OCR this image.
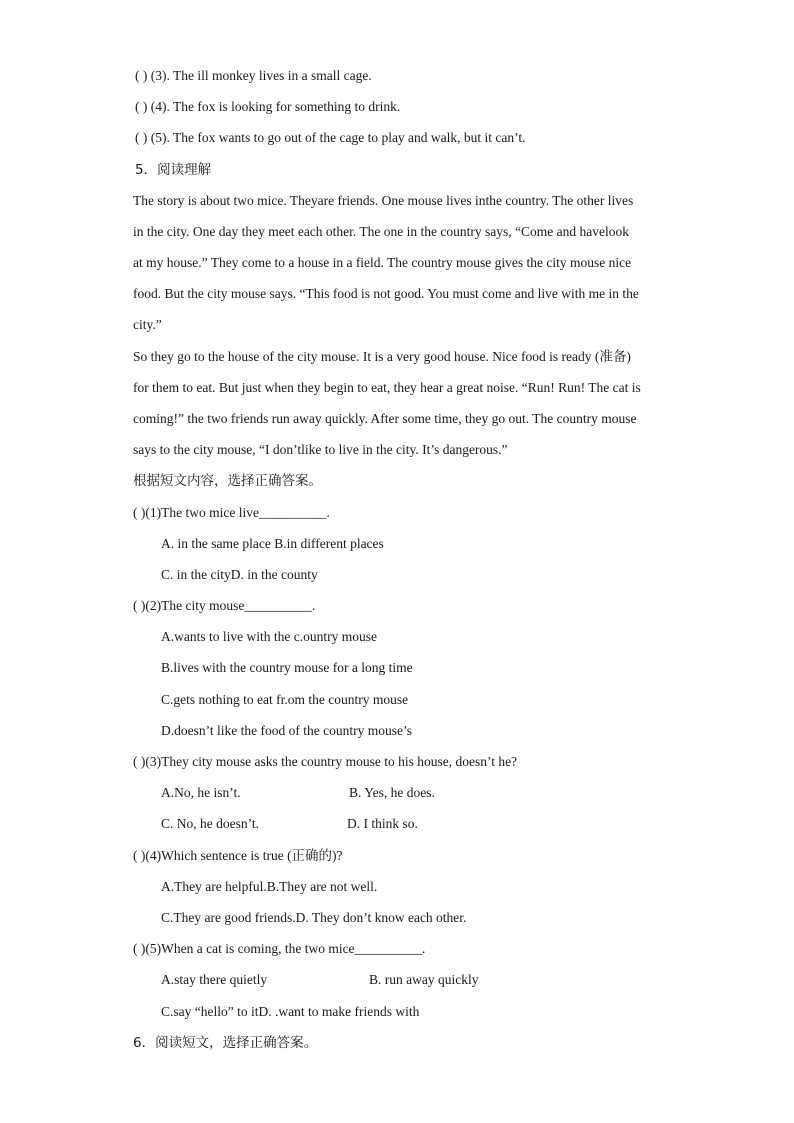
( ) (3). The ill monkey lives in a small cage.
( ) (4). The fox is looking for something to drink.
( ) (5). The fox wants to go out of the cage to play and walk, but it can’t.
5．阅读理解
The story is about two mice. Theyare friends. One mouse lives inthe country. The other lives
in the city. One day they meet each other. The one in the country says, “Come and havelook
at my house.” They come to a house in a field. The country mouse gives the city mouse nice
food. But the city mouse says. “This food is not good. You must come and live with me in the
city.”
So they go to the house of the city mouse. It is a very good house. Nice food is ready (准备)
for them to eat. But just when they begin to eat, they hear a great noise. “Run! Run! The cat is
coming!” the two friends run away quickly. After some time, they go out. The country mouse
says to the city mouse, “I don’tlike to live in the city. It’s dangerous.”
根据短文内容，选择正确答案。
( )(1)The two mice live__________.
A. in the same place B.in different places
C. in the cityD. in the county
( )(2)The city mouse__________.
A.wants to live with the c.ountry mouse
B.lives with the country mouse for a long time
C.gets nothing to eat fr.om the country mouse
D.doesn’t like the food of the country mouse’s
( )(3)They city mouse asks the country mouse to his house, doesn’t he?
A.No, he isn’t.	B. Yes, he does.
C. No, he doesn’t.	D. I think so.
( )(4)Which sentence is true (正确的)?
A.They are helpful.B.They are not well.
C.They are good friends.D. They don’t know each other.
( )(5)When a cat is coming, the two mice__________.
A.stay there quietly	B. run away quickly
C.say “hello” to itD. .want to make friends with
6．阅读短文，选择正确答案。
